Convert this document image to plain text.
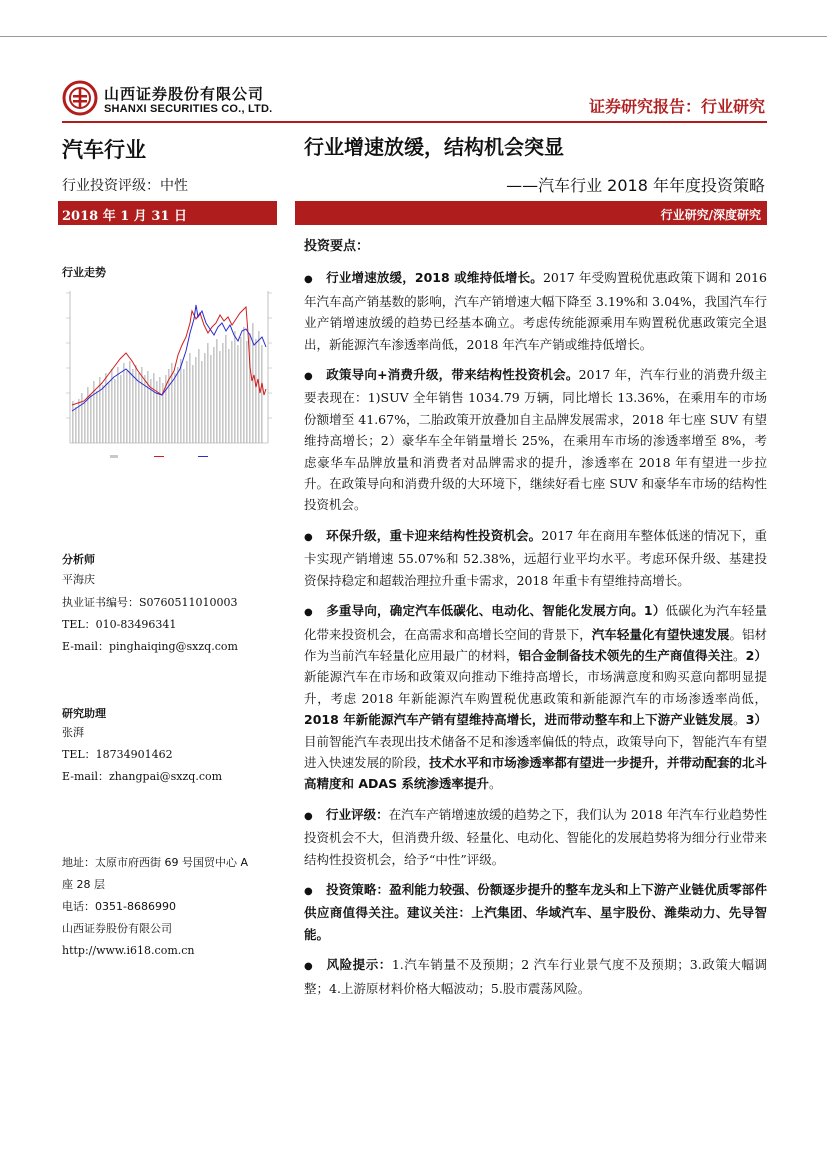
山西证券股份有限公司
SHANXI SECURITIES CO., LTD.	证券研究报告：行业研究
汽车行业
行业投资评级：中性
行业增速放缓，结构机会突显
——汽车行业 2018 年年度投资策略
2018 年 1 月 31 日	行业研究/深度研究
行业走势
分析师
平海庆
执业证书编号：S0760511010003
TEL：010-83496341
E-mail：pinghaiqing@sxzq.com
研究助理
张湃
TEL：18734901462
E-mail：zhangpai@sxzq.com
地址：太原市府西街 69 号国贸中心 A
座 28 层
电话：0351-8686990
山西证券股份有限公司
http://www.i618.com.cn
投资要点：
● 行业增速放缓，2018 或维持低增长。2017 年受购置税优惠政策下调和 2016 年汽车高产销基数的影响，汽车产销增速大幅下降至 3.19%和 3.04%，我国汽车行业产销增速放缓的趋势已经基本确立。考虑传统能源乘用车购置税优惠政策完全退出，新能源汽车渗透率尚低，2018 年汽车产销或维持低增长。
● 政策导向+消费升级，带来结构性投资机会。2017 年，汽车行业的消费升级主要表现在：1)SUV 全年销售 1034.79 万辆，同比增长 13.36%，在乘用车的市场份额增至 41.67%，二胎政策开放叠加自主品牌发展需求，2018 年七座 SUV 有望维持高增长；2）豪华车全年销量增长 25%，在乘用车市场的渗透率增至 8%，考虑豪华车品牌放量和消费者对品牌需求的提升，渗透率在 2018 年有望进一步拉升。在政策导向和消费升级的大环境下，继续好看七座 SUV 和豪华车市场的结构性投资机会。
● 环保升级，重卡迎来结构性投资机会。2017 年在商用车整体低迷的情况下，重卡实现产销增速 55.07%和 52.38%，远超行业平均水平。考虑环保升级、基建投资保持稳定和超载治理拉升重卡需求，2018 年重卡有望维持高增长。
● 多重导向，确定汽车低碳化、电动化、智能化发展方向。1）低碳化为汽车轻量化带来投资机会，在高需求和高增长空间的背景下，汽车轻量化有望快速发展。铝材作为当前汽车轻量化应用最广的材料，铝合金制备技术领先的生产商值得关注。2）新能源汽车在市场和政策双向推动下维持高增长，市场满意度和购买意向都明显提升，考虑 2018 年新能源汽车购置税优惠政策和新能源汽车的市场渗透率尚低，2018 年新能源汽车产销有望维持高增长，进而带动整车和上下游产业链发展。3）目前智能汽车表现出技术储备不足和渗透率偏低的特点，政策导向下，智能汽车有望进入快速发展的阶段，技术水平和市场渗透率都有望进一步提升，并带动配套的北斗高精度和 ADAS 系统渗透率提升。
● 行业评级：在汽车产销增速放缓的趋势之下，我们认为 2018 年汽车行业趋势性投资机会不大，但消费升级、轻量化、电动化、智能化的发展趋势将为细分行业带来结构性投资机会，给予“中性”评级。
● 投资策略：盈利能力较强、份额逐步提升的整车龙头和上下游产业链优质零部件供应商值得关注。建议关注：上汽集团、华域汽车、星宇股份、潍柴动力、先导智能。
● 风险提示：1.汽车销量不及预期；2 汽车行业景气度不及预期；3.政策大幅调整；4.上游原材料价格大幅波动；5.股市震荡风险。
